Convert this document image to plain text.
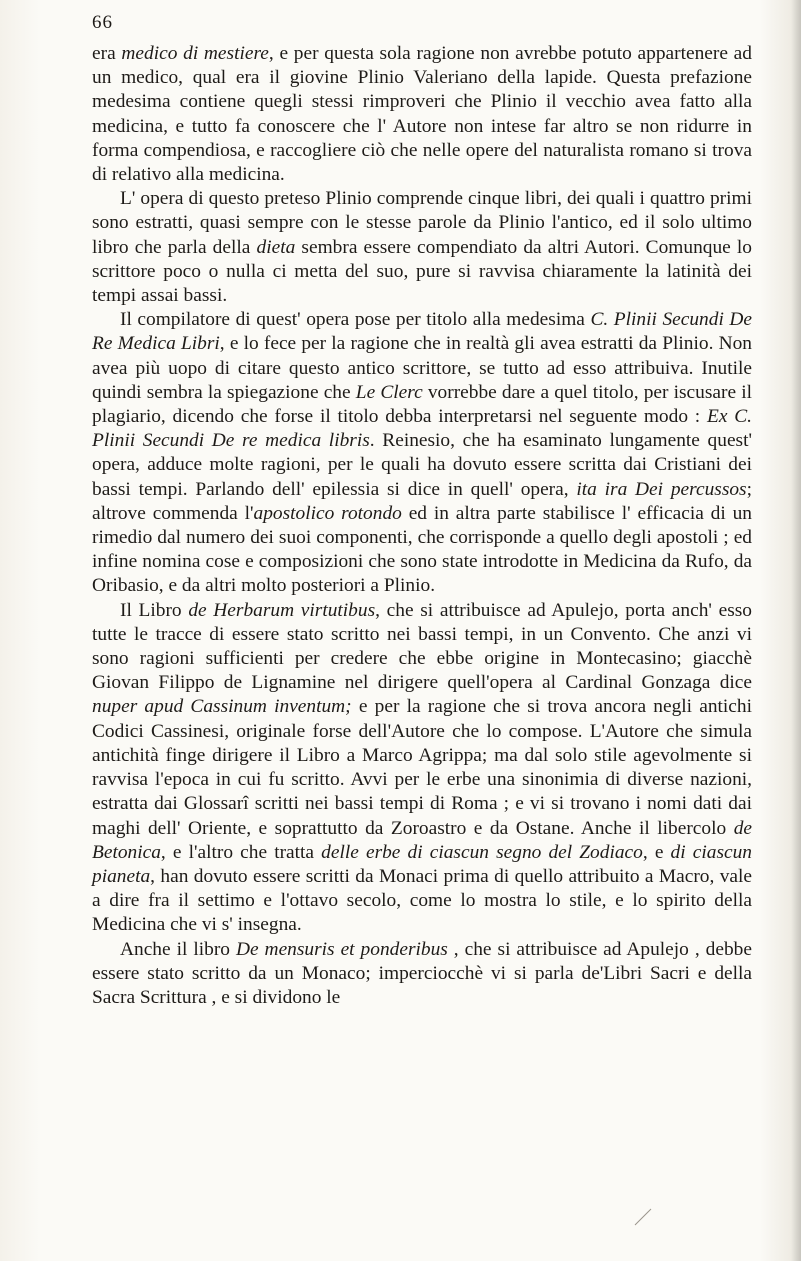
66

era medico di mestiere, e per questa sola ragione non avrebbe potuto appartenere ad un medico, qual era il giovine Plinio Valeriano della lapide. Questa prefazione medesima contiene quegli stessi rimproveri che Plinio il vecchio avea fatto alla medicina, e tutto fa conoscere che l' Autore non intese far altro se non ridurre in forma compendiosa, e raccogliere ciò che nelle opere del naturalista romano si trova di relativo alla medicina.

L' opera di questo preteso Plinio comprende cinque libri, dei quali i quattro primi sono estratti, quasi sempre con le stesse parole da Plinio l'antico, ed il solo ultimo libro che parla della dieta sembra essere compendiato da altri Autori. Comunque lo scrittore poco o nulla ci metta del suo, pure si ravvisa chiaramente la latinità dei tempi assai bassi.

Il compilatore di quest' opera pose per titolo alla medesima C. Plinii Secundi De Re Medica Libri, e lo fece per la ragione che in realtà gli avea estratti da Plinio. Non avea più uopo di citare questo antico scrittore, se tutto ad esso attribuiva. Inutile quindi sembra la spiegazione che Le Clerc vorrebbe dare a quel titolo, per iscusare il plagiario, dicendo che forse il titolo debba interpretarsi nel seguente modo : Ex C. Plinii Secundi De re medica libris. Reinesio, che ha esaminato lungamente quest' opera, adduce molte ragioni, per le quali ha dovuto essere scritta dai Cristiani dei bassi tempi. Parlando dell' epilessia si dice in quell' opera, ita ira Dei percussos; altrove commenda l'apostolico rotondo ed in altra parte stabilisce l' efficacia di un rimedio dal numero dei suoi componenti, che corrisponde a quello degli apostoli ; ed infine nomina cose e composizioni che sono state introdotte in Medicina da Rufo, da Oribasio, e da altri molto posteriori a Plinio.

Il Libro de Herbarum virtutibus, che si attribuisce ad Apulejo, porta anch' esso tutte le tracce di essere stato scritto nei bassi tempi, in un Convento. Che anzi vi sono ragioni sufficienti per credere che ebbe origine in Montecasino; giacchè Giovan Filippo de Lignamine nel dirigere quell'opera al Cardinal Gonzaga dice nuper apud Cassinum inventum; e per la ragione che si trova ancora negli antichi Codici Cassinesi, originale forse dell'Autore che lo compose. L'Autore che simula antichità finge dirigere il Libro a Marco Agrippa; ma dal solo stile agevolmente si ravvisa l'epoca in cui fu scritto. Avvi per le erbe una sinonimia di diverse nazioni, estratta dai Glossarî scritti nei bassi tempi di Roma ; e vi si trovano i nomi dati dai maghi dell' Oriente, e soprattutto da Zoroastro e da Ostane. Anche il libercolo de Betonica, e l'altro che tratta delle erbe di ciascun segno del Zodiaco, e di ciascun pianeta, han dovuto essere scritti da Monaci prima di quello attribuito a Macro, vale a dire fra il settimo e l'ottavo secolo, come lo mostra lo stile, e lo spirito della Medicina che vi s' insegna.

Anche il libro De mensuris et ponderibus , che si attribuisce ad Apulejo , debbe essere stato scritto da un Monaco; imperciocchè vi si parla de'Libri Sacri e della Sacra Scrittura , e si dividono le
